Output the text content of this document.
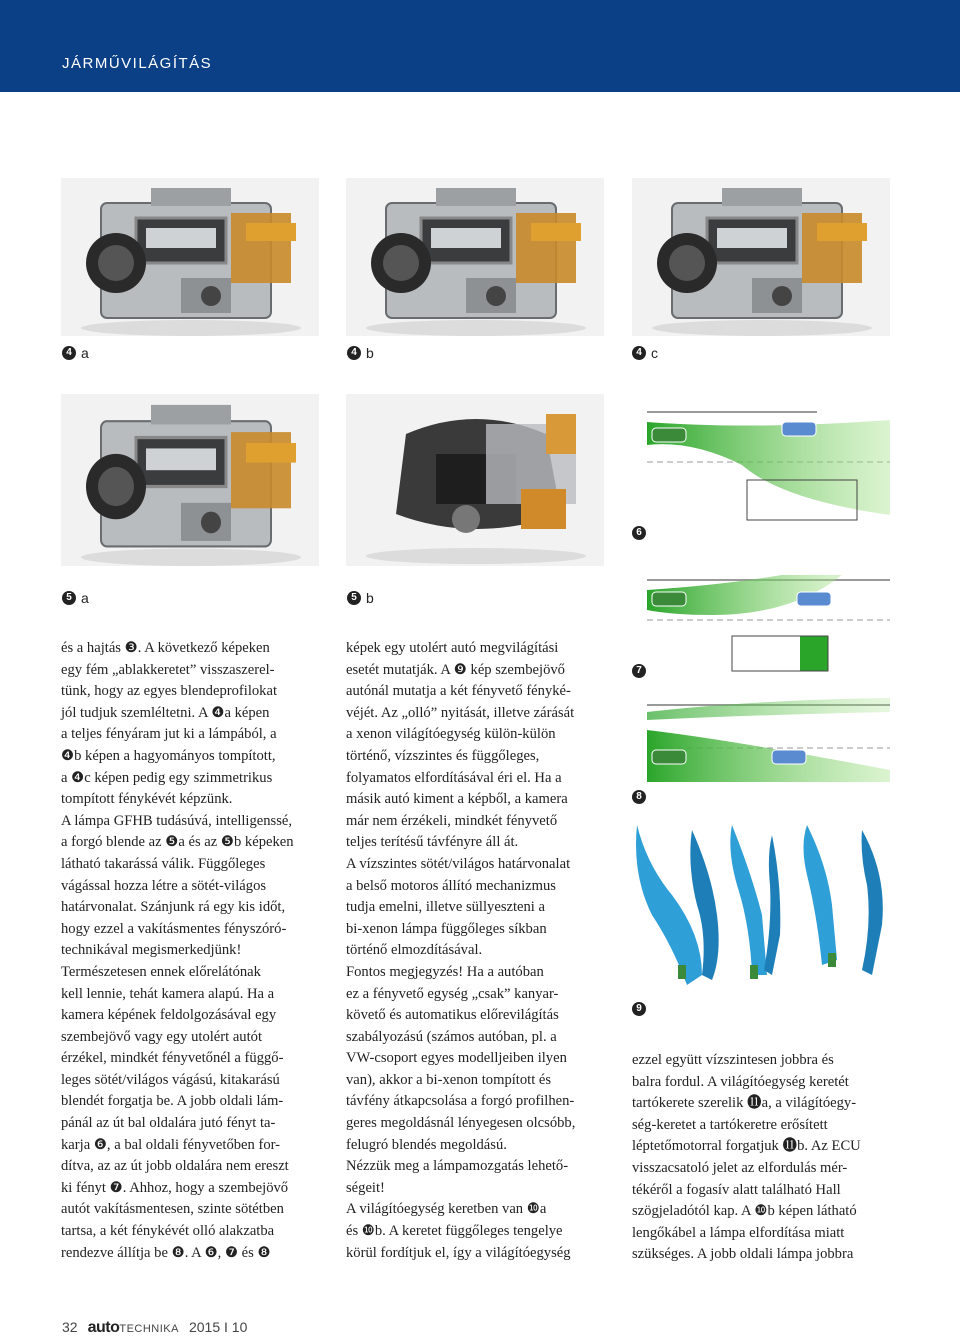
JÁRMŰVILÁGÍTÁS
4 a	4 b	4 c
5 a	5 b
6
7
8
9

és a hajtás ❸. A következő képeken

egy fém „ablakkeretet” visszaszerel-

tünk, hogy az egyes blendeprofilokat

jól tudjuk szemléltetni. A ❹a képen

a teljes fényáram jut ki a lámpából, a

❹b képen a hagyományos tompított,

a ❹c képen pedig egy szimmetrikus

tompított fénykévét képzünk.

A lámpa GFHB tudásúvá, intelligenssé,

a forgó blende az ❺a és az ❺b képeken

látható takarássá válik. Függőleges

vágással hozza létre a sötét-világos

határvonalat. Szánjunk rá egy kis időt,

hogy ezzel a vakításmentes fényszóró-

technikával megismerkedjünk!

Természetesen ennek előrelátónak

kell lennie, tehát kamera alapú. Ha a

kamera képének feldolgozásával egy

szembejövő vagy egy utolért autót

érzékel, mindkét fényvetőnél a függő-

leges sötét/világos vágású, kitakarású

blendét forgatja be. A jobb oldali lám-

pánál az út bal oldalára jutó fényt ta-

karja ❻, a bal oldali fényvetőben for-

dítva, az az út jobb oldalára nem ereszt

ki fényt ❼. Ahhoz, hogy a szembejövő

autót vakításmentesen, szinte sötétben

tartsa, a két fénykévét olló alakzatba

rendezve állítja be ❽. A ❻, ❼ és ❽

képek egy utolért autó megvilágítási

esetét mutatják. A ❾ kép szembejövő

autónál mutatja a két fényvető fényké-

véjét. Az „olló” nyitását, illetve zárását

a xenon világítóegység külön-külön

történő, vízszintes és függőleges,

folyamatos elfordításával éri el. Ha a

másik autó kiment a képből, a kamera

már nem érzékeli, mindkét fényvető

teljes terítésű távfényre áll át.

A vízszintes sötét/világos határvonalat

a belső motoros állító mechanizmus

tudja emelni, illetve süllyeszteni a

bi-xenon lámpa függőleges síkban

történő elmozdításával.

Fontos megjegyzés! Ha a autóban

ez a fényvető egység „csak” kanyar-

követő és automatikus előrevilágítás

szabályozású (számos autóban, pl. a

VW-csoport egyes modelljeiben ilyen

van), akkor a bi-xenon tompított és

távfény átkapcsolása a forgó profilhen-

geres megoldásnál lényegesen olcsóbb,

felugró blendés megoldású.

Nézzük meg a lámpamozgatás lehető-

ségeit!

A világítóegység keretben van ❿a

és ❿b. A keretet függőleges tengelye

körül fordítjuk el, így a világítóegység

ezzel együtt vízszintesen jobbra és

balra fordul. A világítóegység keretét

tartókerete szerelik ⓫a, a világítóegy-

ség-keretet a tartókeretre erősített

léptetőmotorral forgatjuk ⓫b. Az ECU

visszacsatoló jelet az elfordulás mér-

tékéről a fogasív alatt található Hall

szögjeladótól kap. A ❿b képen látható

lengőkábel a lámpa elfordítása miatt

szükséges. A jobb oldali lámpa jobbra

32 autoTECHNIKA 2015 I 10
